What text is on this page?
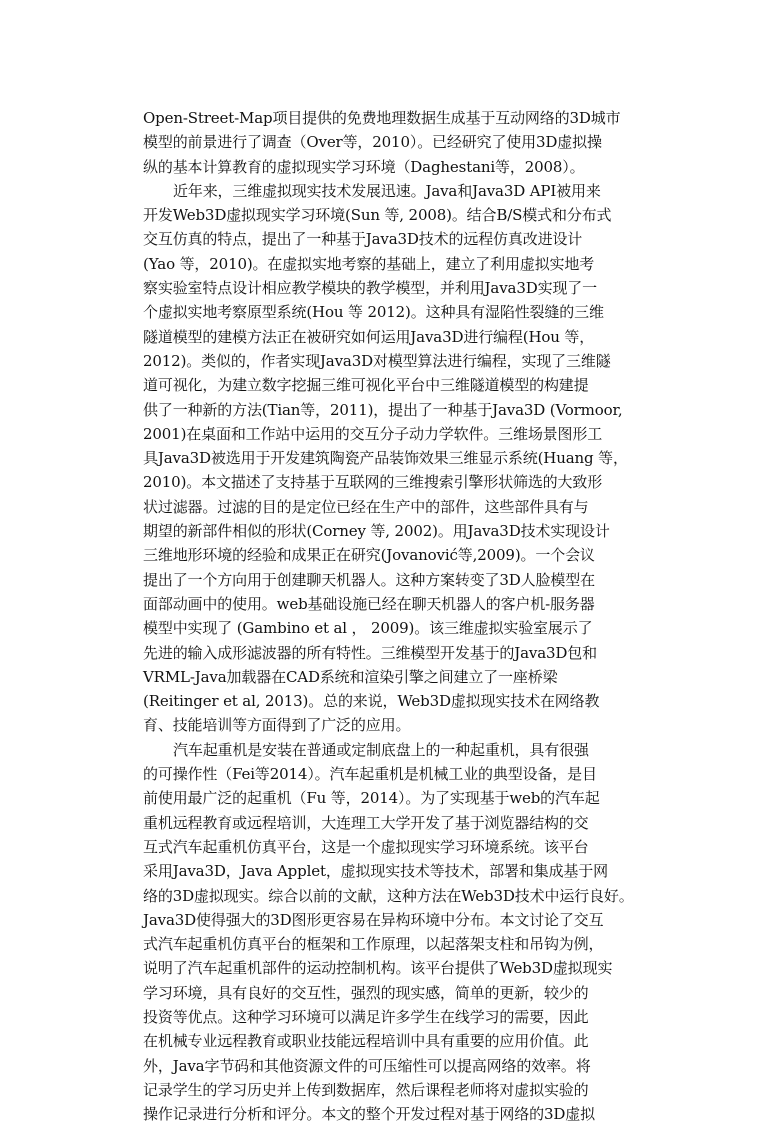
Open-Street-Map项目提供的免费地理数据生成基于互动网络的3D城市
模型的前景进行了调查（Over等，2010）。已经研究了使用3D虚拟操
纵的基本计算教育的虚拟现实学习环境（Daghestani等，2008）。
近年来，三维虚拟现实技术发展迅速。Java和Java3D API被用来
开发Web3D虚拟现实学习环境(Sun 等, 2008)。结合B/S模式和分布式
交互仿真的特点，提出了一种基于Java3D技术的远程仿真改进设计
(Yao 等，2010)。在虚拟实地考察的基础上，建立了利用虚拟实地考
察实验室特点设计相应教学模块的教学模型，并利用Java3D实现了一
个虚拟实地考察原型系统(Hou 等 2012)。这种具有湿陷性裂缝的三维
隧道模型的建模方法正在被研究如何运用Java3D进行编程(Hou 等，
2012)。类似的，作者实现Java3D对模型算法进行编程，实现了三维隧
道可视化，为建立数字挖掘三维可视化平台中三维隧道模型的构建提
供了一种新的方法(Tian等，2011)，提出了一种基于Java3D (Vormoor,
2001)在桌面和工作站中运用的交互分子动力学软件。三维场景图形工
具Java3D被选用于开发建筑陶瓷产品装饰效果三维显示系统(Huang 等，
2010)。本文描述了支持基于互联网的三维搜索引擎形状筛选的大致形
状过滤器。过滤的目的是定位已经在生产中的部件，这些部件具有与
期望的新部件相似的形状(Corney 等, 2002)。用Java3D技术实现设计
三维地形环境的经验和成果正在研究(Jovanović等,2009)。一个会议
提出了一个方向用于创建聊天机器人。这种方案转变了3D人脸模型在
面部动画中的使用。web基础设施已经在聊天机器人的客户机-服务器
模型中实现了 (Gambino et al ， 2009)。该三维虚拟实验室展示了
先进的输入成形滤波器的所有特性。三维模型开发基于的Java3D包和
VRML-Java加载器在CAD系统和渲染引擎之间建立了一座桥梁
(Reitinger et al, 2013)。总的来说，Web3D虚拟现实技术在网络教
育、技能培训等方面得到了广泛的应用。
汽车起重机是安装在普通或定制底盘上的一种起重机，具有很强
的可操作性（Fei等2014）。汽车起重机是机械工业的典型设备，是目
前使用最广泛的起重机（Fu 等，2014）。为了实现基于web的汽车起
重机远程教育或远程培训，大连理工大学开发了基于浏览器结构的交
互式汽车起重机仿真平台，这是一个虚拟现实学习环境系统。该平台
采用Java3D，Java Applet，虚拟现实技术等技术，部署和集成基于网
络的3D虚拟现实。综合以前的文献，这种方法在Web3D技术中运行良好。
Java3D使得强大的3D图形更容易在异构环境中分布。本文讨论了交互
式汽车起重机仿真平台的框架和工作原理，以起落架支柱和吊钩为例，
说明了汽车起重机部件的运动控制机构。该平台提供了Web3D虚拟现实
学习环境，具有良好的交互性，强烈的现实感，简单的更新，较少的
投资等优点。这种学习环境可以满足许多学生在线学习的需要，因此
在机械专业远程教育或职业技能远程培训中具有重要的应用价值。此
外，Java字节码和其他资源文件的可压缩性可以提高网络的效率。将
记录学生的学习历史并上传到数据库，然后课程老师将对虚拟实验的
操作记录进行分析和评分。本文的整个开发过程对基于网络的3D虚拟
